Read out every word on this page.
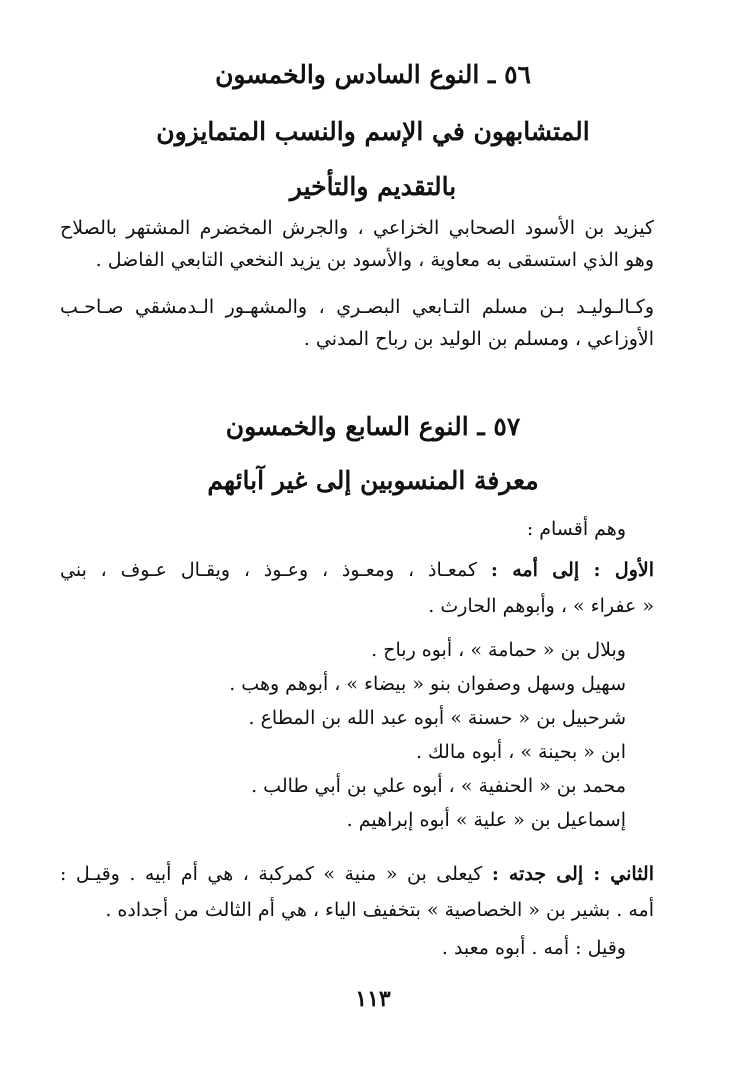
٥٦ ـ النوع السادس والخمسون
المتشابهون في الإسم والنسب المتمايزون
بالتقديم والتأخير
كيزيد بن الأسود الصحابي الخزاعي ، والجرش المخضرم المشتهر بالصلاح
وهو الذي استسقى به معاوية ، والأسود بن يزيد النخعي التابعي الفاضل .
وكـالـوليـد بـن مسلم التـابعي البصـري ، والمشهـور الـدمشقي صـاحـب
الأوزاعي ، ومسلم بن الوليد بن رباح المدني .
٥٧ ـ النوع السابع والخمسون
معرفة المنسوبين إلى غير آبائهم
وهم أقسام :
الأول : إلى أمه : كمعـاذ ، ومعـوذ ، وعـوذ ، ويقـال عـوف ، بني
« عفراء » ، وأبوهم الحارث .
وبلال بن « حمامة » ، أبوه رباح .
سهيل وسهل وصفوان بنو « بيضاء » ، أبوهم وهب .
شرحبيل بن « حسنة » أبوه عبد الله بن المطاع .
ابن « بحينة » ، أبوه مالك .
محمد بن « الحنفية » ، أبوه علي بن أبي طالب .
إسماعيل بن « علية » أبوه إبراهيم .
الثاني : إلى جدته : كيعلى بن « منية » كمركبة ، هي أم أبيه . وقيـل :
أمه . بشير بن « الخصاصية » بتخفيف الياء ، هي أم الثالث من أجداده .
وقيل : أمه . أبوه معبد .
١١٣
